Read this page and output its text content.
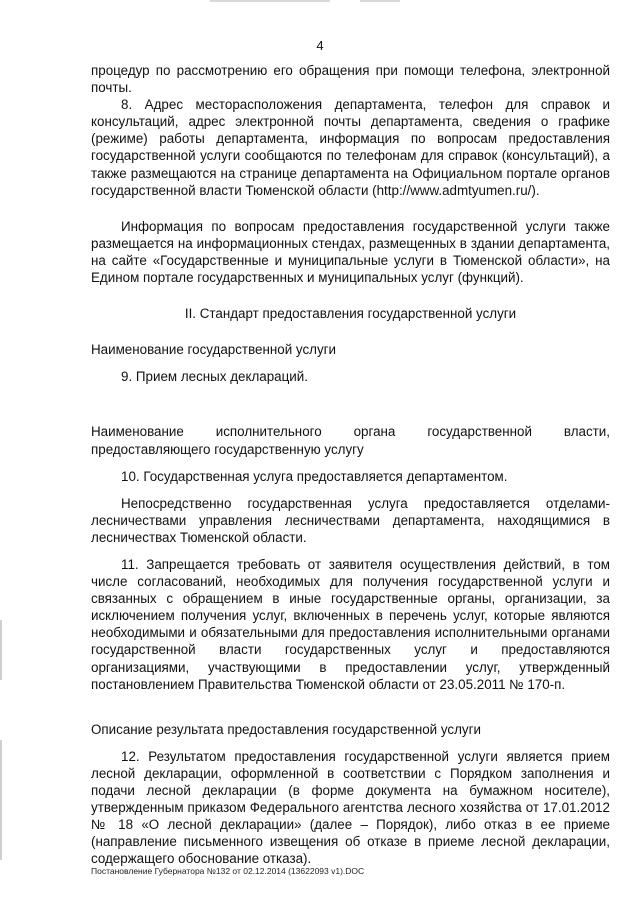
4

процедур по рассмотрению его обращения при помощи телефона, электронной почты.

8. Адрес месторасположения департамента, телефон для справок и консультаций, адрес электронной почты департамента, сведения о графике (режиме) работы департамента, информация по вопросам предоставления государственной услуги сообщаются по телефонам для справок (консультаций), а также размещаются на странице департамента на Официальном портале органов государственной власти Тюменской области (http://www.admtyumen.ru/).

Информация по вопросам предоставления государственной услуги также размещается на информационных стендах, размещенных в здании департамента, на сайте «Государственные и муниципальные услуги в Тюменской области», на Едином портале государственных и муниципальных услуг (функций).

II. Стандарт предоставления государственной услуги

Наименование государственной услуги

9. Прием лесных деклараций.

Наименование исполнительного органа государственной власти, предоставляющего государственную услугу

10. Государственная услуга предоставляется департаментом.

Непосредственно государственная услуга предоставляется отделами-лесничествами управления лесничествами департамента, находящимися в лесничествах Тюменской области.

11. Запрещается требовать от заявителя осуществления действий, в том числе согласований, необходимых для получения государственной услуги и связанных с обращением в иные государственные органы, организации, за исключением получения услуг, включенных в перечень услуг, которые являются необходимыми и обязательными для предоставления исполнительными органами государственной власти государственных услуг и предоставляются организациями, участвующими в предоставлении услуг, утвержденный постановлением Правительства Тюменской области от 23.05.2011 № 170-п.

Описание результата предоставления государственной услуги

12. Результатом предоставления государственной услуги является прием лесной декларации, оформленной в соответствии с Порядком заполнения и подачи лесной декларации (в форме документа на бумажном носителе), утвержденным приказом Федерального агентства лесного хозяйства от 17.01.2012 № 18 «О лесной декларации» (далее – Порядок), либо отказ в ее приеме (направление письменного извещения об отказе в приеме лесной декларации, содержащего обоснование отказа).

Постановление Губернатора №132 от 02.12.2014 (13622093 v1).DOC
